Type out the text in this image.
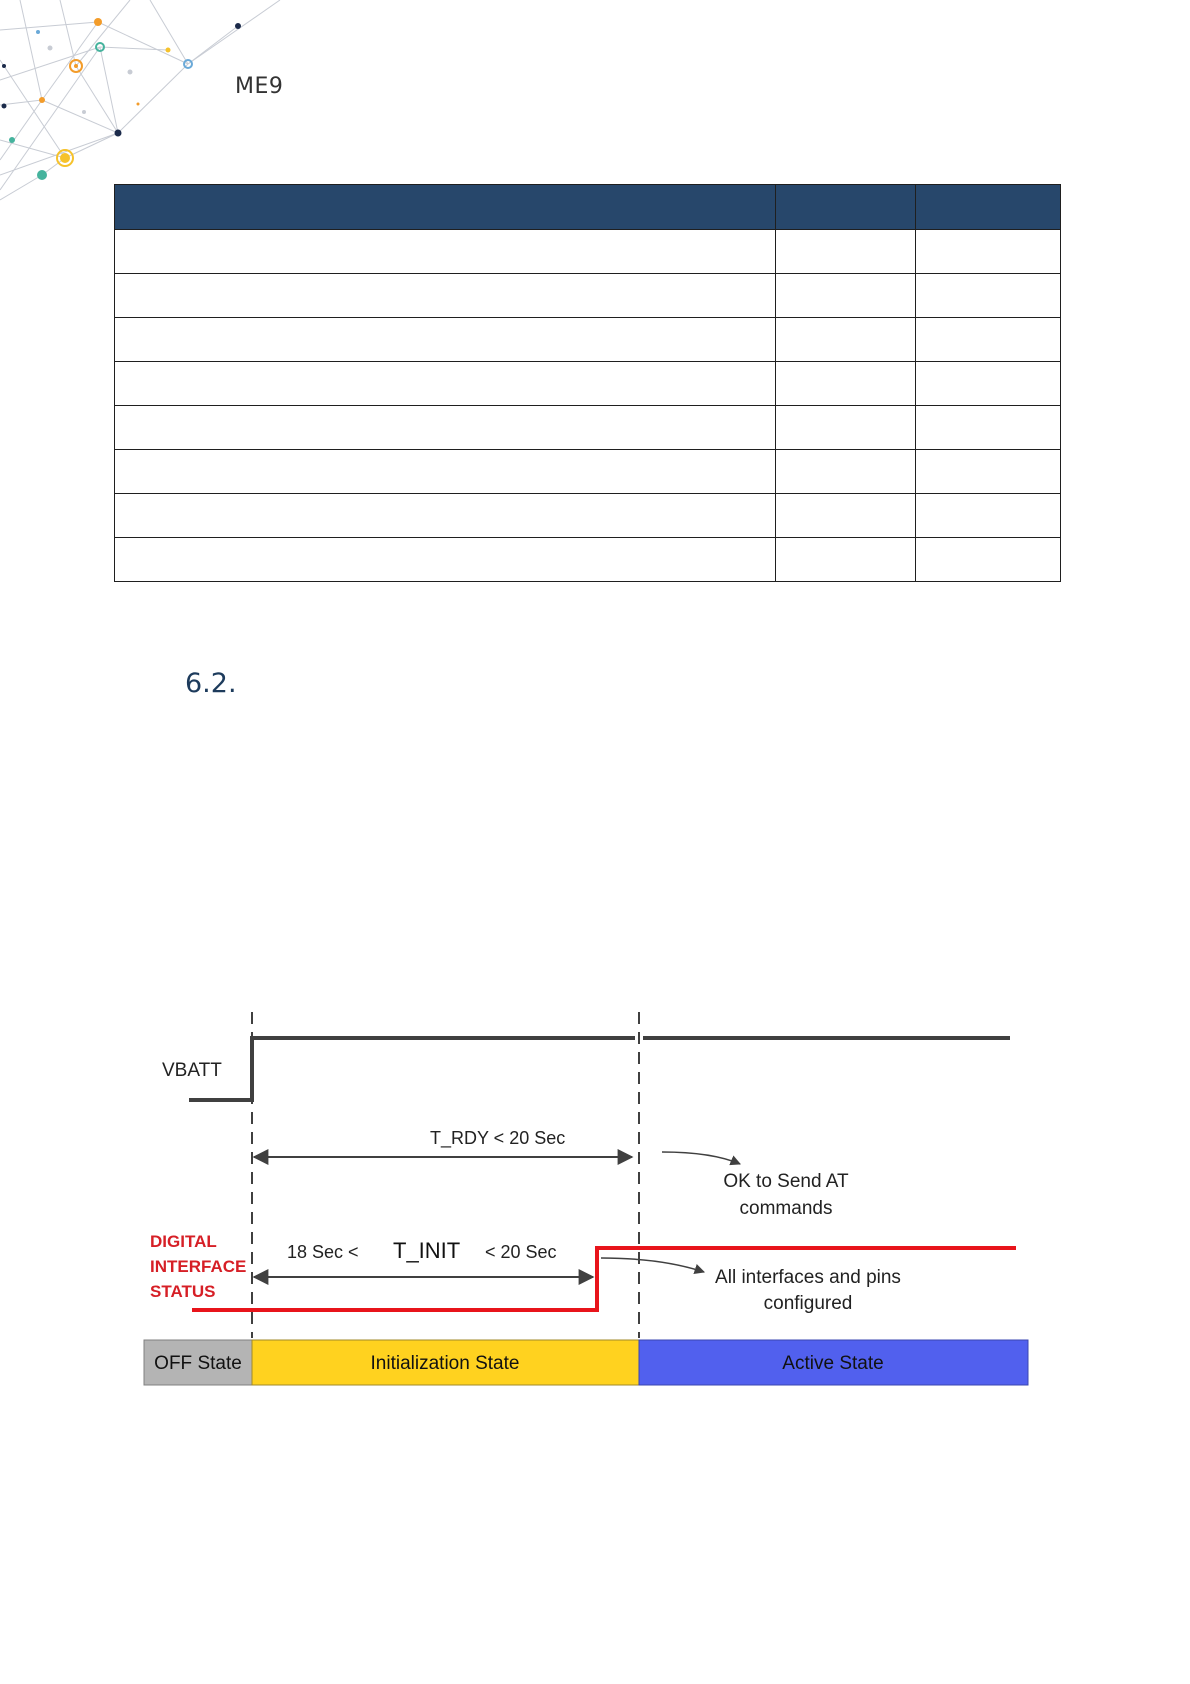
ME9

6.2.
VBATT
T_RDY < 20 Sec
OK to Send AT
commands
DIGITAL
INTERFACE
STATUS
18 Sec < T_INIT < 20 Sec
All interfaces and pins
configured
OFF State	Initialization State	Active State
